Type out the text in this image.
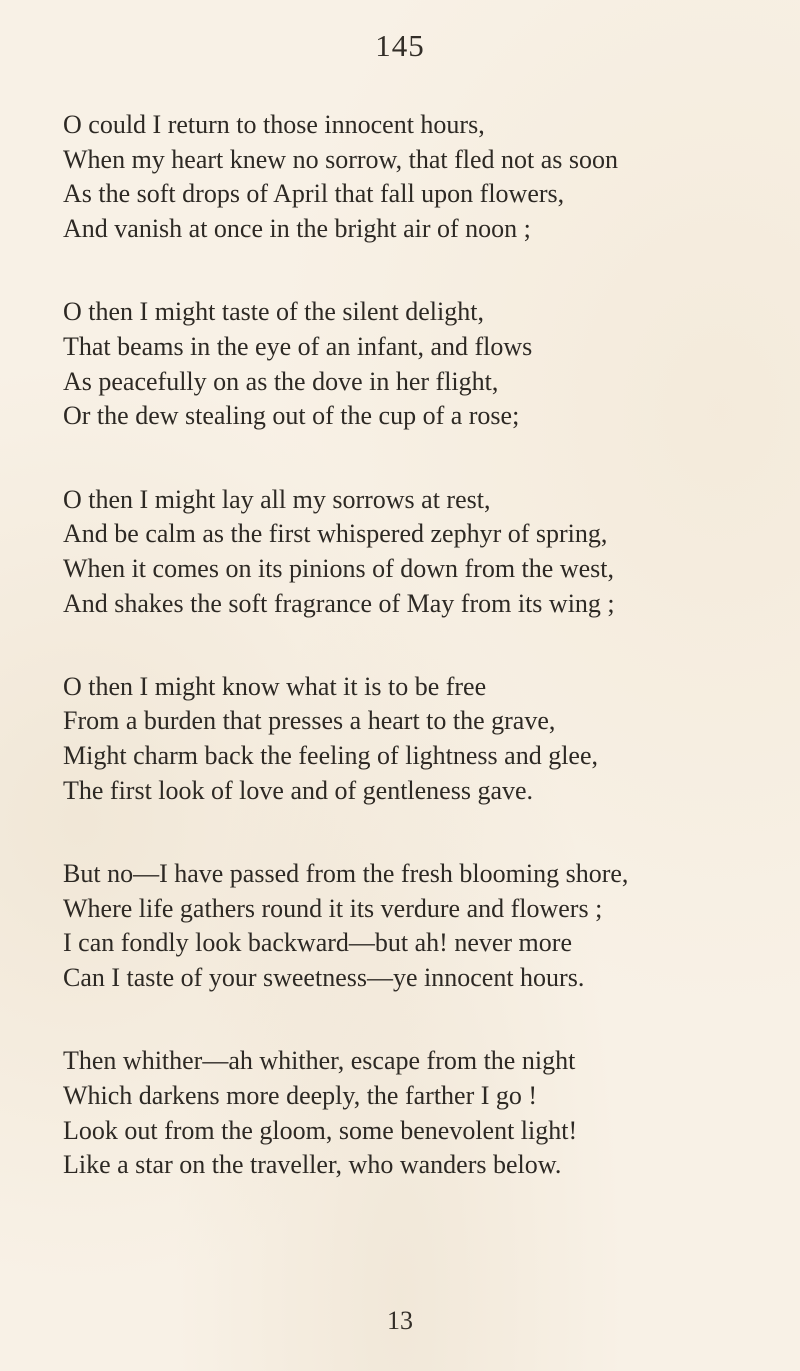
145
O could I return to those innocent hours,
When my heart knew no sorrow, that fled not as soon
As the soft drops of April that fall upon flowers,
And vanish at once in the bright air of noon ;
O then I might taste of the silent delight,
That beams in the eye of an infant, and flows
As peacefully on as the dove in her flight,
Or the dew stealing out of the cup of a rose;
O then I might lay all my sorrows at rest,
And be calm as the first whispered zephyr of spring,
When it comes on its pinions of down from the west,
And shakes the soft fragrance of May from its wing ;
O then I might know what it is to be free
From a burden that presses a heart to the grave,
Might charm back the feeling of lightness and glee,
The first look of love and of gentleness gave.
But no—I have passed from the fresh blooming shore,
Where life gathers round it its verdure and flowers ;
I can fondly look backward—but ah! never more
Can I taste of your sweetness—ye innocent hours.
Then whither—ah whither, escape from the night
Which darkens more deeply, the farther I go !
Look out from the gloom, some benevolent light!
Like a star on the traveller, who wanders below.
13
